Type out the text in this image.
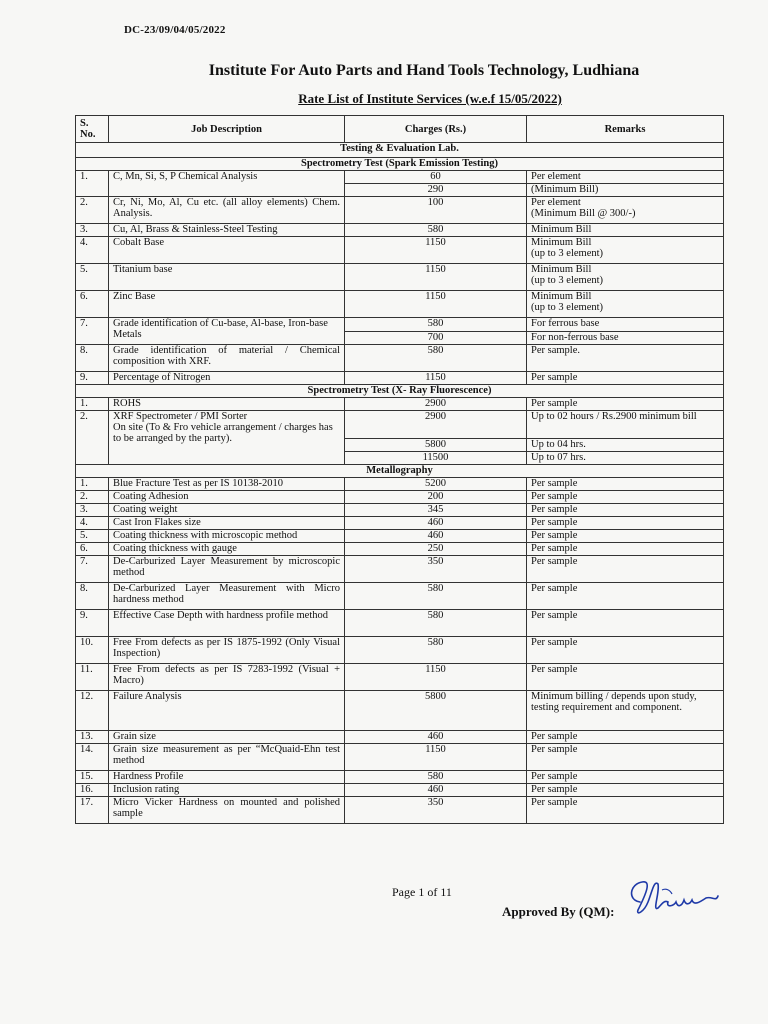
DC-23/09/04/05/2022
Institute For Auto Parts and Hand Tools Technology, Ludhiana
Rate List of Institute Services (w.e.f 15/05/2022)
S.
No.	Job Description	Charges (Rs.)	Remarks
Testing & Evaluation Lab.			
Spectrometry Test (Spark Emission Testing)			
1.	C, Mn, Si, S, P Chemical Analysis	60	Per element
		290	(Minimum Bill)
2.	Cr, Ni, Mo, Al, Cu etc. (all alloy elements) Chem. Analysis.	100	Per element
(Minimum Bill @ 300/-)
3.	Cu, Al, Brass & Stainless-Steel Testing	580	Minimum Bill
4.	Cobalt Base	1150	Minimum Bill
(up to 3 element)
5.	Titanium base	1150	Minimum Bill
(up to 3 element)
6.	Zinc Base	1150	Minimum Bill
(up to 3 element)
7.	Grade identification of Cu-base, Al-base, Iron-base Metals	580	For ferrous base
		700	For non-ferrous base
8.	Grade identification of material / Chemical composition with XRF.	580	Per sample.
9.	Percentage of Nitrogen	1150	Per sample
Spectrometry Test (X- Ray Fluorescence)			
1.	ROHS	2900	Per sample
2.	XRF Spectrometer / PMI Sorter
On site (To & Fro vehicle arrangement / charges has to be arranged by the party).	2900	Up to 02 hours / Rs.2900 minimum bill
		5800	Up to 04 hrs.
		11500	Up to 07 hrs.
Metallography			
1.	Blue Fracture Test as per IS 10138-2010	5200	Per sample
2.	Coating Adhesion	200	Per sample
3.	Coating weight	345	Per sample
4.	Cast Iron Flakes size	460	Per sample
5.	Coating thickness with microscopic method	460	Per sample
6.	Coating thickness with gauge	250	Per sample
7.	De-Carburized Layer Measurement by microscopic method	350	Per sample
8.	De-Carburized Layer Measurement with Micro hardness method	580	Per sample
9.	Effective Case Depth with hardness profile method	580	Per sample
10.	Free From defects as per IS 1875-1992 (Only Visual Inspection)	580	Per sample
11.	Free From defects as per IS 7283-1992 (Visual + Macro)	1150	Per sample
12.	Failure Analysis	5800	Minimum billing / depends upon study, testing requirement and component.
13.	Grain size	460	Per sample
14.	Grain size measurement as per “McQuaid-Ehn test method	1150	Per sample
15.	Hardness Profile	580	Per sample
16.	Inclusion rating	460	Per sample
17.	Micro Vicker Hardness on mounted and polished sample	350	Per sample
Page 1 of 11
Approved By (QM):
